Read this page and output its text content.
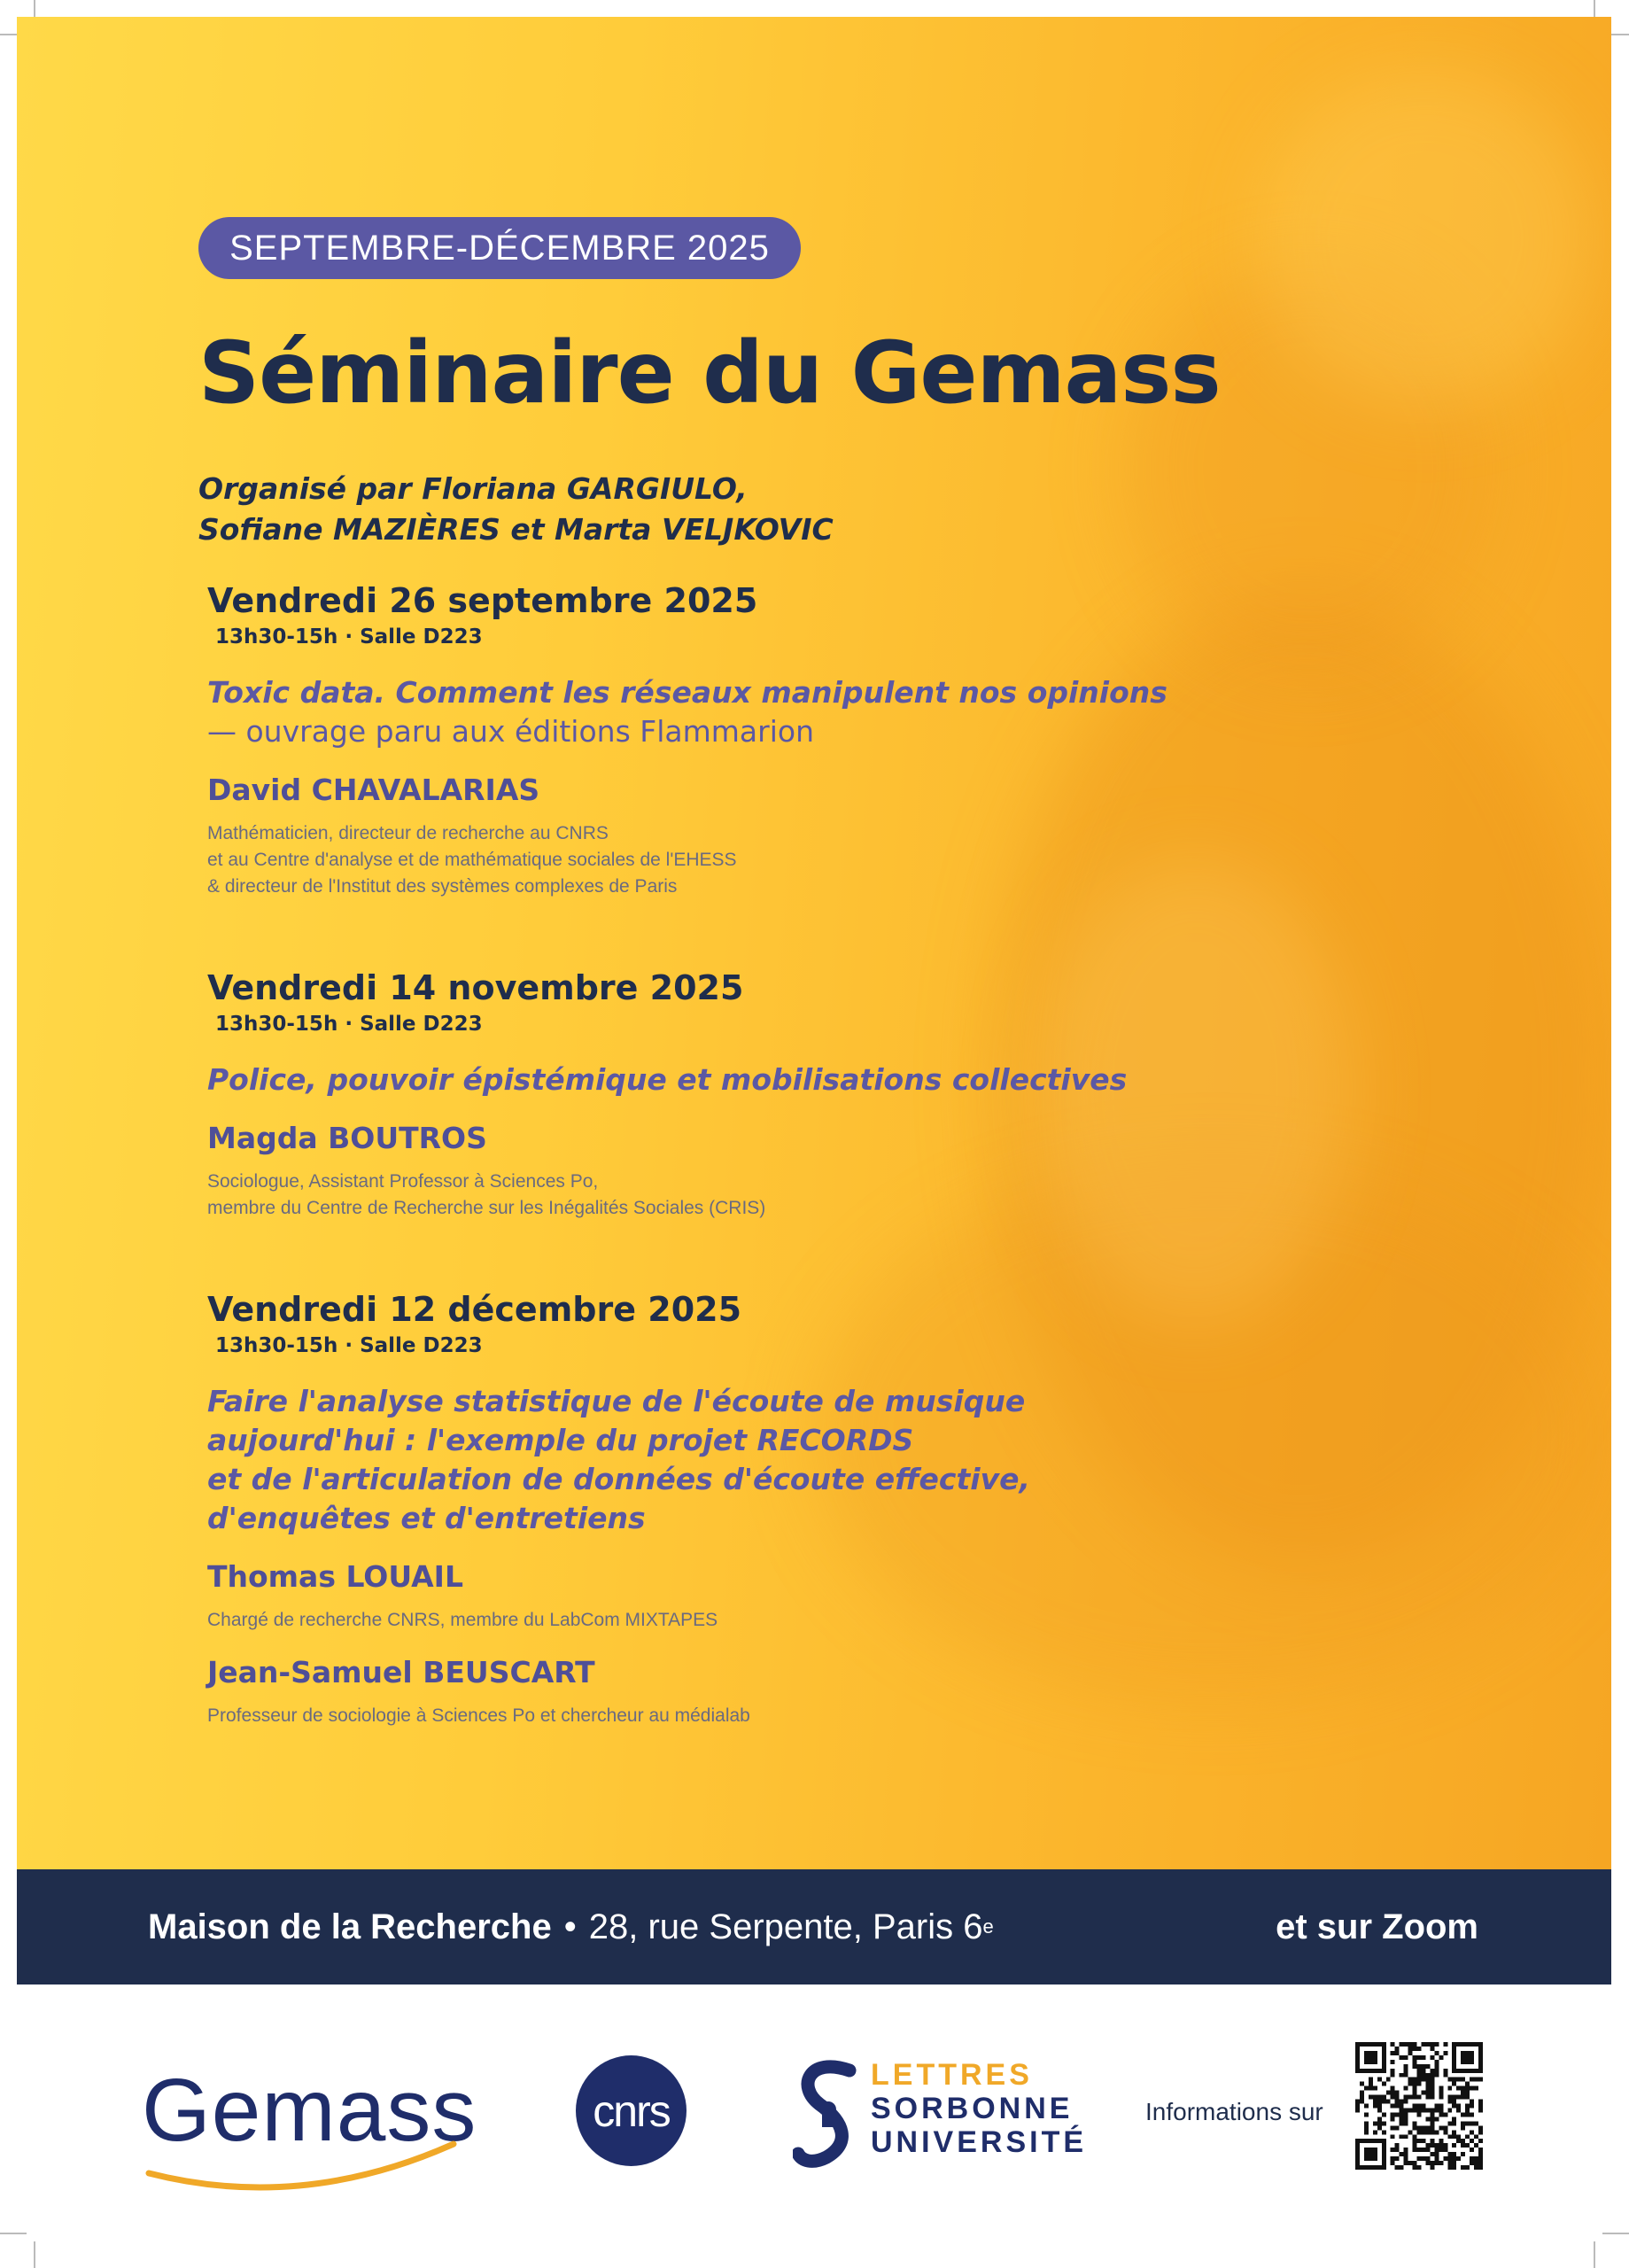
SEPTEMBRE-DÉCEMBRE 2025
Séminaire du Gemass
Organisé par Floriana GARGIULO,
Sofiane MAZIÈRES et Marta VELJKOVIC
Vendredi 26 septembre 2025
13h30-15h · Salle D223
Toxic data. Comment les réseaux manipulent nos opinions
— ouvrage paru aux éditions Flammarion
David CHAVALARIAS
Mathématicien, directeur de recherche au CNRS
et au Centre d'analyse et de mathématique sociales de l'EHESS
& directeur de l'Institut des systèmes complexes de Paris
Vendredi 14 novembre 2025
13h30-15h · Salle D223
Police, pouvoir épistémique et mobilisations collectives
Magda BOUTROS
Sociologue, Assistant Professor à Sciences Po,
membre du Centre de Recherche sur les Inégalités Sociales (CRIS)
Vendredi 12 décembre 2025
13h30-15h · Salle D223
Faire l'analyse statistique de l'écoute de musique
aujourd'hui : l'exemple du projet RECORDS
et de l'articulation de données d'écoute effective,
d'enquêtes et d'entretiens
Thomas LOUAIL
Chargé de recherche CNRS, membre du LabCom MIXTAPES
Jean-Samuel BEUSCART
Professeur de sociologie à Sciences Po et chercheur au médialab
Maison de la Recherche • 28, rue Serpente, Paris 6 e	et sur Zoom
Gemass	cnrs
LETTRES
SORBONNE
UNIVERSITÉ
Informations sur
